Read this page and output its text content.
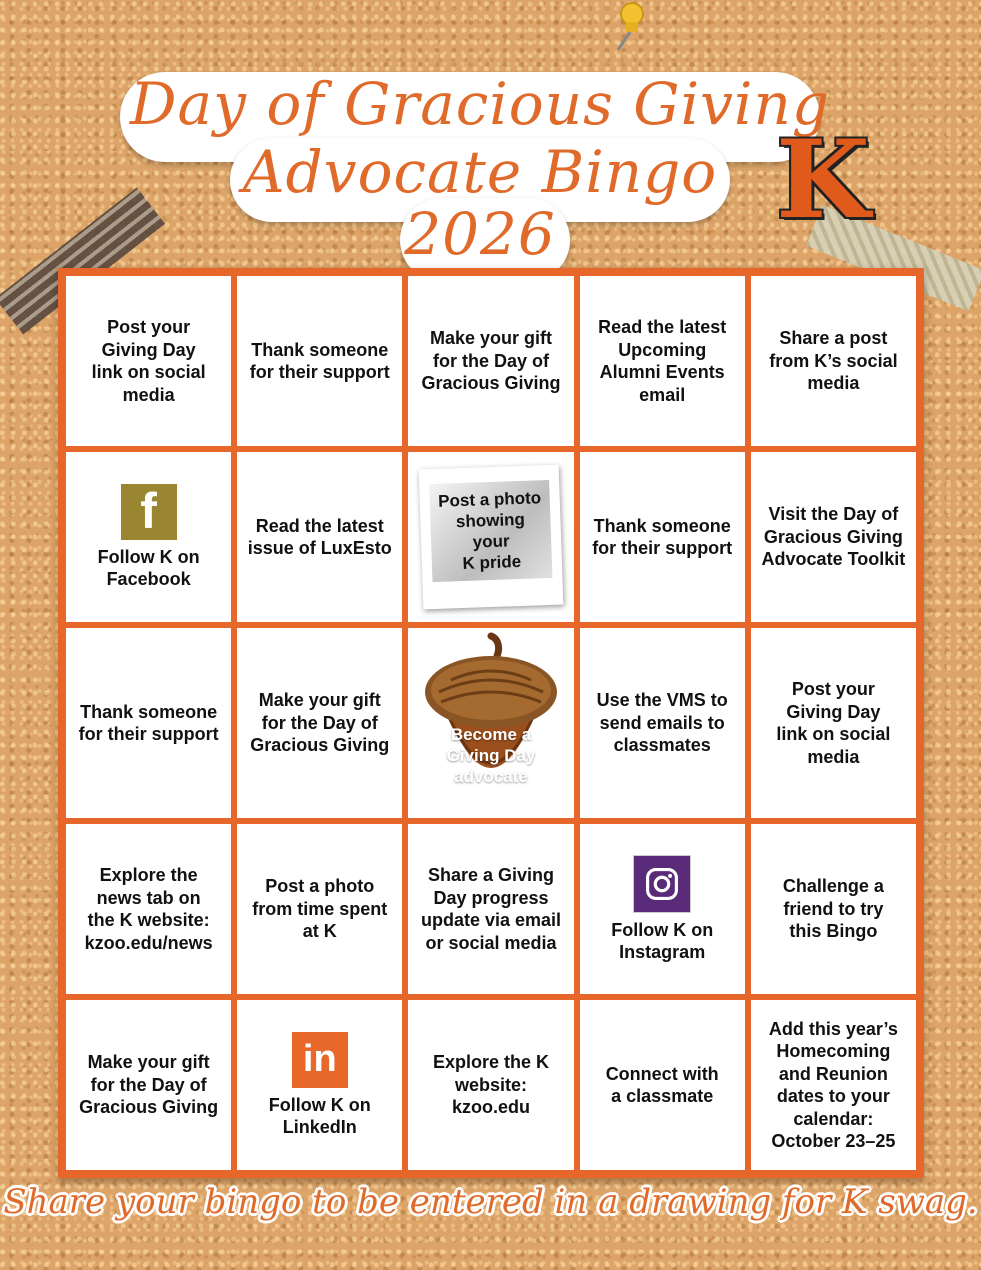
Day of Gracious Giving
Advocate Bingo
2026	K
Post your
Giving Day
link on social
media
Thank someone
for their support
Make your gift
for the Day of
Gracious Giving
Read the latest
Upcoming
Alumni Events
email
Share a post
from K’s social
media
f
Follow K on
Facebook
Read the latest
issue of LuxEsto
Post a photo
showing
your
K pride
Thank someone
for their support
Visit the Day of
Gracious Giving
Advocate Toolkit
Thank someone
for their support
Make your gift
for the Day of
Gracious Giving
Become a
Giving Day
advocate
Use the VMS to
send emails to
classmates
Post your
Giving Day
link on social
media
Explore the
news tab on
the K website:
kzoo.edu/news
Post a photo
from time spent
at K
Share a Giving
Day progress
update via email
or social media
Follow K on
Instagram
Challenge a
friend to try
this Bingo
Make your gift
for the Day of
Gracious Giving
in
Follow K on
LinkedIn
Explore the K
website:
kzoo.edu
Connect with
a classmate
Add this year’s
Homecoming
and Reunion
dates to your
calendar:
October 23–25
Share your bingo to be entered in a drawing for K swag.
